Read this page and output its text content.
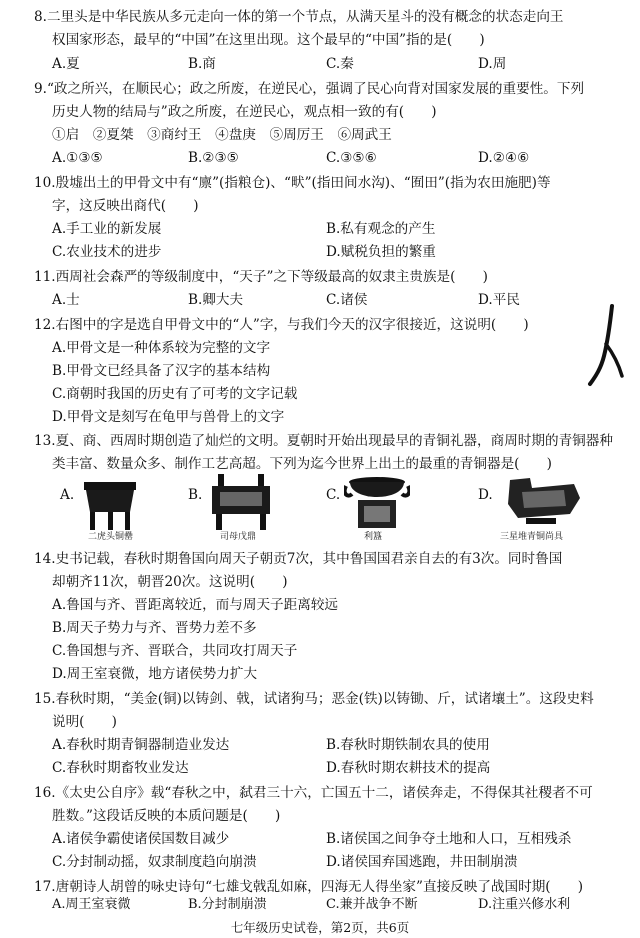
8.二里头是中华民族从多元走向一体的第一个节点，从满天星斗的没有概念的状态走向王
权国家形态，最早的“中国”在这里出现。这个最早的“中国”指的是(　　)
A.夏	B.商	C.秦	D.周
9.“政之所兴，在顺民心；政之所废，在逆民心，强调了民心向背对国家发展的重要性。下列
历史人物的结局与”政之所废，在逆民心，观点相一致的有(　　)
①启　②夏桀　③商纣王　④盘庚　⑤周厉王　⑥周武王
A.①③⑤	B.②③⑤	C.③⑤⑥	D.②④⑥
10.殷墟出土的甲骨文中有“廪”(指粮仓)、“畎”(指田间水沟)、“囿田”(指为农田施肥)等
字，这反映出商代(　　)
A.手工业的新发展	B.私有观念的产生
C.农业技术的进步	D.赋税负担的繁重
11.西周社会森严的等级制度中，“天子”之下等级最高的奴隶主贵族是(　　)
A.士	B.卿大夫	C.诸侯	D.平民
12.右图中的字是选自甲骨文中的“人”字，与我们今天的汉字很接近，这说明(　　)
A.甲骨文是一种体系较为完整的文字
B.甲骨文已经具备了汉字的基本结构
C.商朝时我国的历史有了可考的文字记载
D.甲骨文是刻写在龟甲与兽骨上的文字
13.夏、商、西周时期创造了灿烂的文明。夏朝时开始出现最早的青铜礼器，商周时期的青铜器种
类丰富、数量众多、制作工艺高超。下列为迄今世界上出土的最重的青铜器是(　　)
A.
二虎头铜罍
B.
司母戊鼎
C.
利簋
D.
三星堆青铜尚具
14.史书记载，春秋时期鲁国向周天子朝贡7次，其中鲁国国君亲自去的有3次。同时鲁国
却朝齐11次，朝晋20次。这说明(　　)
A.鲁国与齐、晋距离较近，而与周天子距离较远
B.周天子势力与齐、晋势力差不多
C.鲁国想与齐、晋联合，共同攻打周天子
D.周王室衰微，地方诸侯势力扩大
15.春秋时期，“美金(铜)以铸剑、戟，试诸狗马；恶金(铁)以铸锄、斤，试诸壤土”。这段史料
说明(　　)
A.春秋时期青铜器制造业发达	B.春秋时期铁制农具的使用
C.春秋时期畜牧业发达	D.春秋时期农耕技术的提高
16.《太史公自序》载“春秋之中，弑君三十六，亡国五十二，诸侯奔走，不得保其社稷者不可
胜数。”这段话反映的本质问题是(　　)
A.诸侯争霸使诸侯国数目减少	B.诸侯国之间争夺土地和人口，互相残杀
C.分封制动摇，奴隶制度趋向崩溃	D.诸侯国弃国逃跑，井田制崩溃
17.唐朝诗人胡曾的咏史诗句“七雄戈戟乱如麻，四海无人得坐家”直接反映了战国时期(　　)
A.周王室衰微	B.分封制崩溃	C.兼并战争不断	D.注重兴修水利
七年级历史试卷，第2页，共6页
